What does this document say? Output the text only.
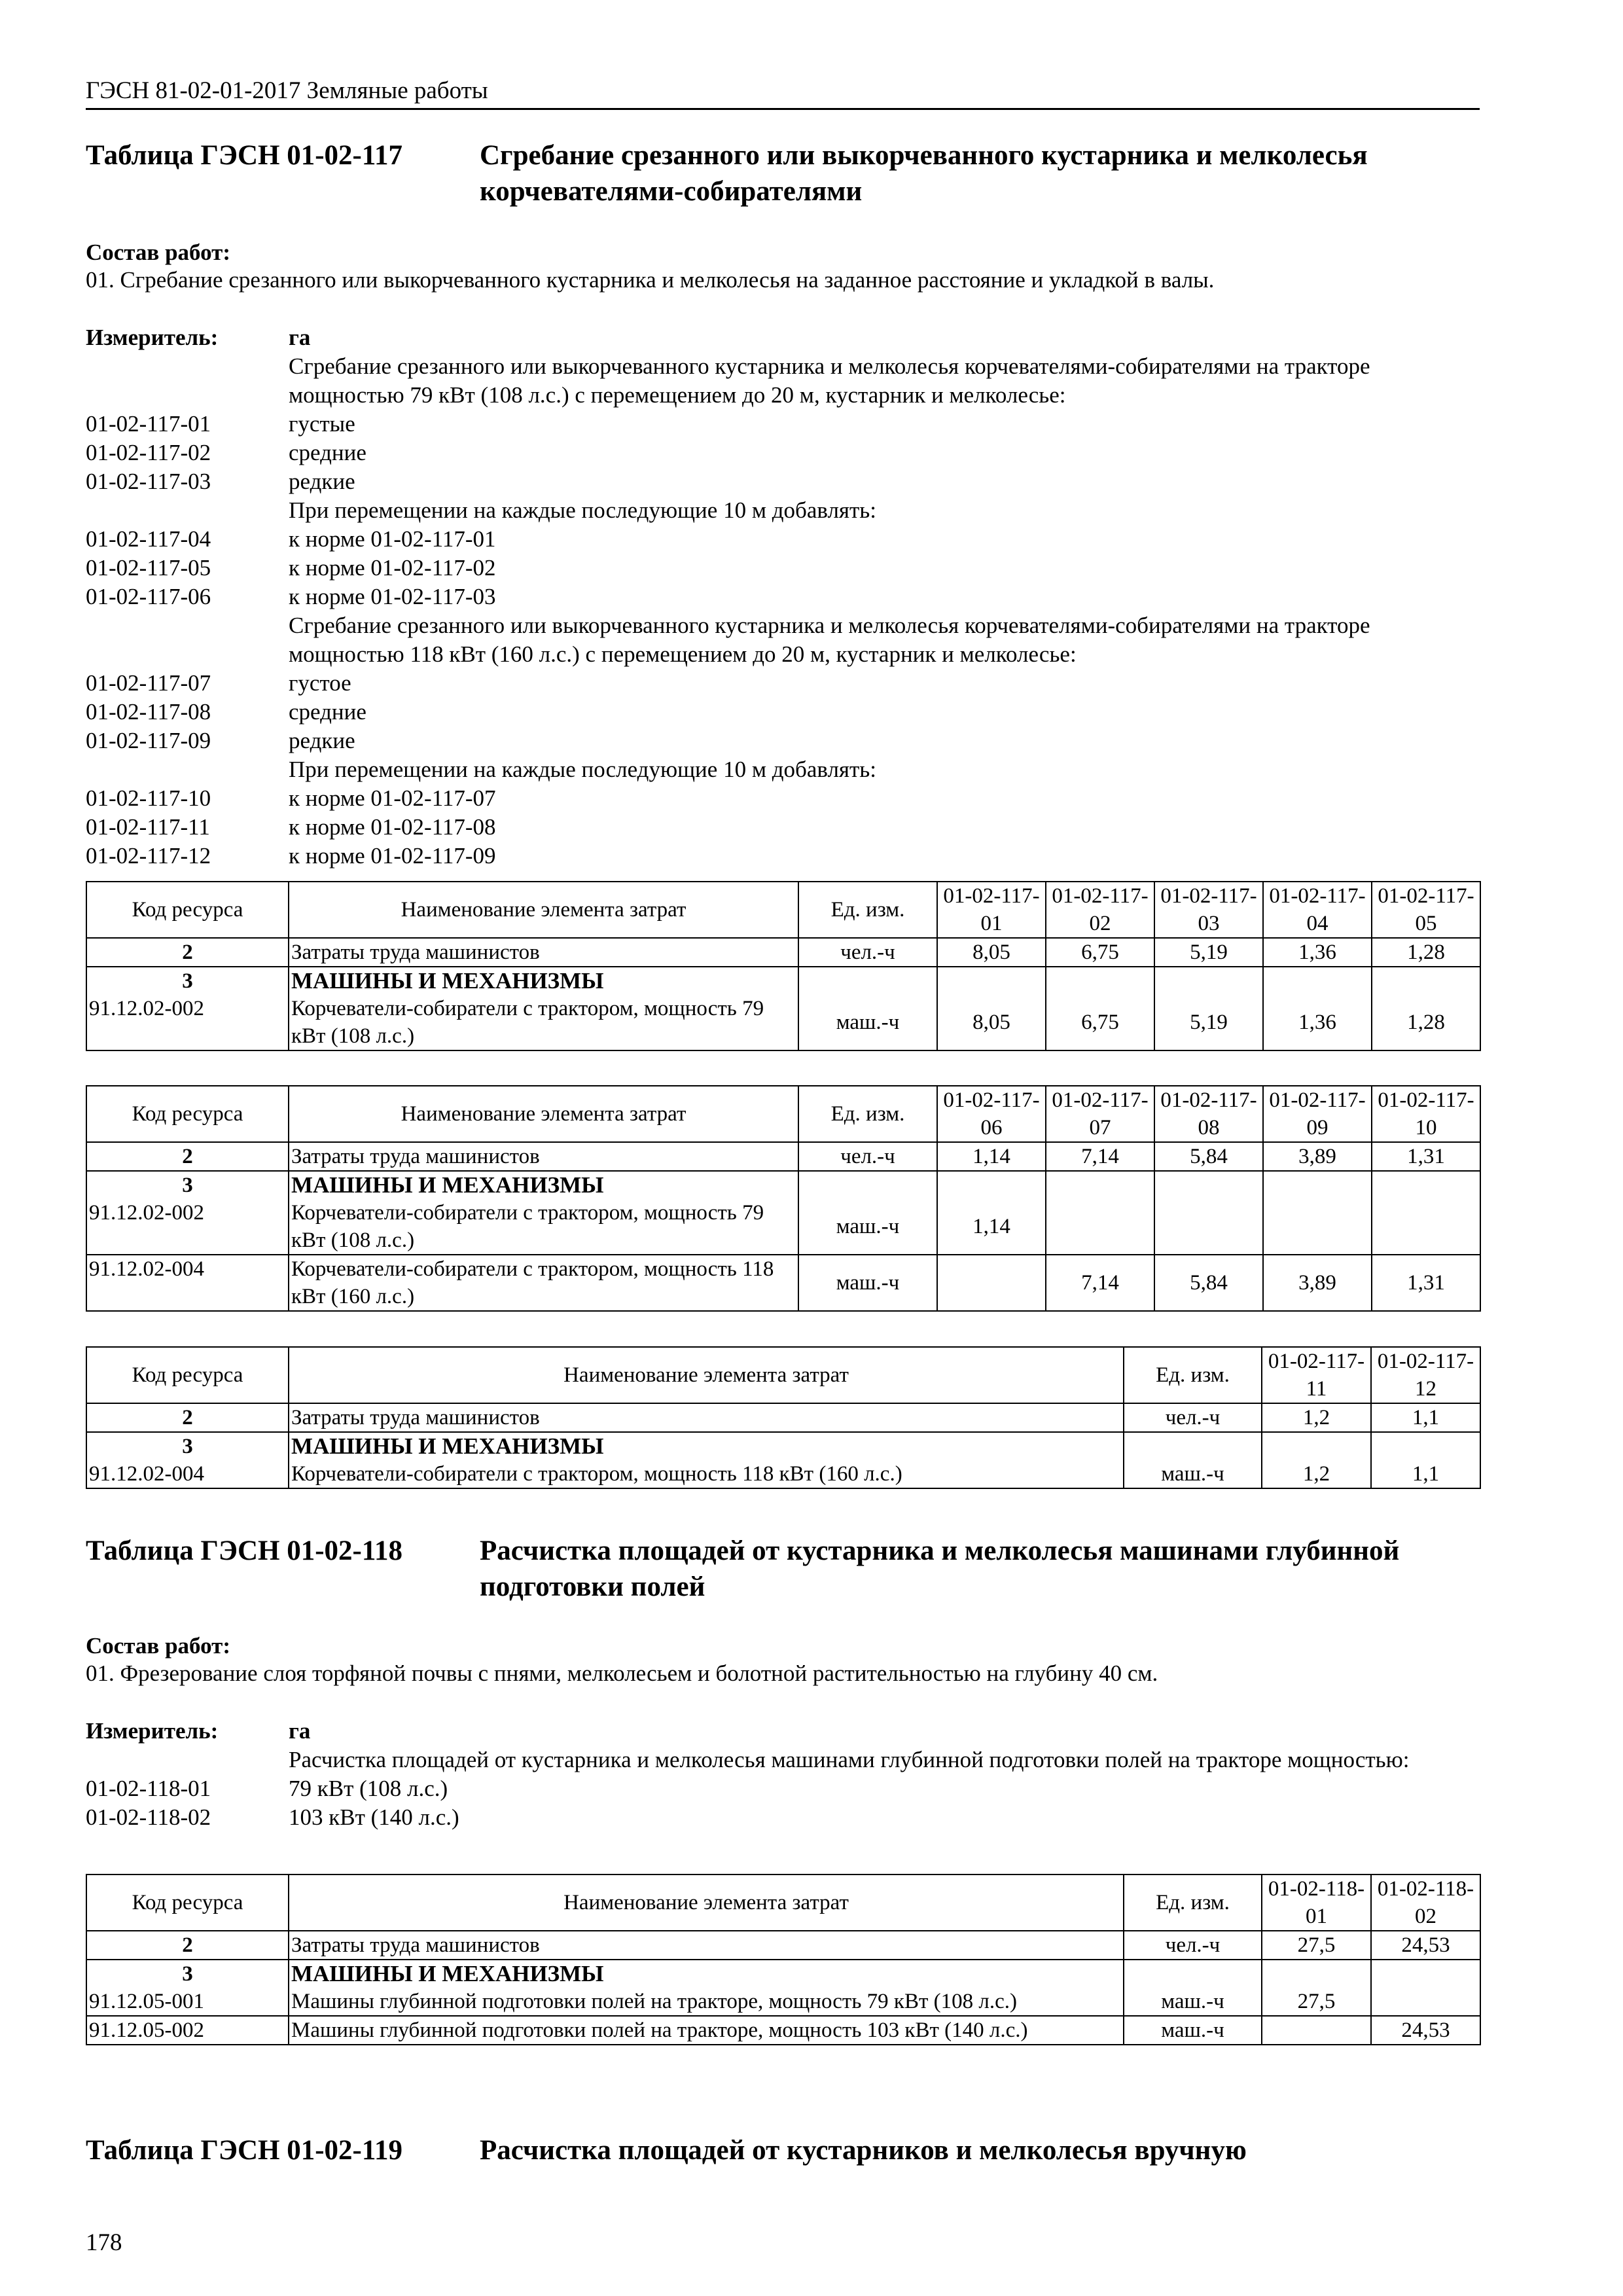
ГЭСН 81-02-01-2017 Земляные работы
Таблица ГЭСН 01-02-117	Сгребание срезанного или выкорчеванного кустарника и мелколесья корчевателями-собирателями
Состав работ:
01. Сгребание срезанного или выкорчеванного кустарника и мелколесья на заданное расстояние и укладкой в валы.
Измеритель:	га
Сгребание срезанного или выкорчеванного кустарника и мелколесья корчевателями-собирателями на тракторе мощностью 79 кВт (108 л.с.) с перемещением до 20 м, кустарник и мелколесье:
01-02-117-01	густые
01-02-117-02	средние
01-02-117-03	редкие
При перемещении на каждые последующие 10 м добавлять:
01-02-117-04	к норме 01-02-117-01
01-02-117-05	к норме 01-02-117-02
01-02-117-06	к норме 01-02-117-03
Сгребание срезанного или выкорчеванного кустарника и мелколесья корчевателями-собирателями на тракторе мощностью 118 кВт (160 л.с.) с перемещением до 20 м, кустарник и мелколесье:
01-02-117-07	густое
01-02-117-08	средние
01-02-117-09	редкие
При перемещении на каждые последующие 10 м добавлять:
01-02-117-10	к норме 01-02-117-07
01-02-117-11	к норме 01-02-117-08
01-02-117-12	к норме 01-02-117-09
Код ресурса	Наименование элемента затрат	Ед. изм.	01-02-117-01	01-02-117-02	01-02-117-03	01-02-117-04	01-02-117-05
2	Затраты труда машинистов	чел.-ч	8,05	6,75	5,19	1,36	1,28
3	МАШИНЫ И МЕХАНИЗМЫ						
91.12.02-002	Корчеватели-собиратели с трактором, мощность 79 кВт (108 л.с.)	маш.-ч	8,05	6,75	5,19	1,36	1,28
Код ресурса	Наименование элемента затрат	Ед. изм.	01-02-117-06	01-02-117-07	01-02-117-08	01-02-117-09	01-02-117-10
2	Затраты труда машинистов	чел.-ч	1,14	7,14	5,84	3,89	1,31
3	МАШИНЫ И МЕХАНИЗМЫ						
91.12.02-002	Корчеватели-собиратели с трактором, мощность 79 кВт (108 л.с.)	маш.-ч	1,14				
91.12.02-004	Корчеватели-собиратели с трактором, мощность 118 кВт (160 л.с.)	маш.-ч		7,14	5,84	3,89	1,31
Код ресурса	Наименование элемента затрат	Ед. изм.	01-02-117-11	01-02-117-12
2	Затраты труда машинистов	чел.-ч	1,2	1,1
3	МАШИНЫ И МЕХАНИЗМЫ			
91.12.02-004	Корчеватели-собиратели с трактором, мощность 118 кВт (160 л.с.)	маш.-ч	1,2	1,1
Таблица ГЭСН 01-02-118	Расчистка площадей от кустарника и мелколесья машинами глубинной подготовки полей
Состав работ:
01. Фрезерование слоя торфяной почвы с пнями, мелколесьем и болотной растительностью на глубину 40 см.
Измеритель:	га
Расчистка площадей от кустарника и мелколесья машинами глубинной подготовки полей на тракторе мощностью:
01-02-118-01	79 кВт (108 л.с.)
01-02-118-02	103 кВт (140 л.с.)
Код ресурса	Наименование элемента затрат	Ед. изм.	01-02-118-01	01-02-118-02
2	Затраты труда машинистов	чел.-ч	27,5	24,53
3	МАШИНЫ И МЕХАНИЗМЫ			
91.12.05-001	Машины глубинной подготовки полей на тракторе, мощность 79 кВт (108 л.с.)	маш.-ч	27,5	
91.12.05-002	Машины глубинной подготовки полей на тракторе, мощность 103 кВт (140 л.с.)	маш.-ч		24,53
Таблица ГЭСН 01-02-119	Расчистка площадей от кустарников и мелколесья вручную
178
